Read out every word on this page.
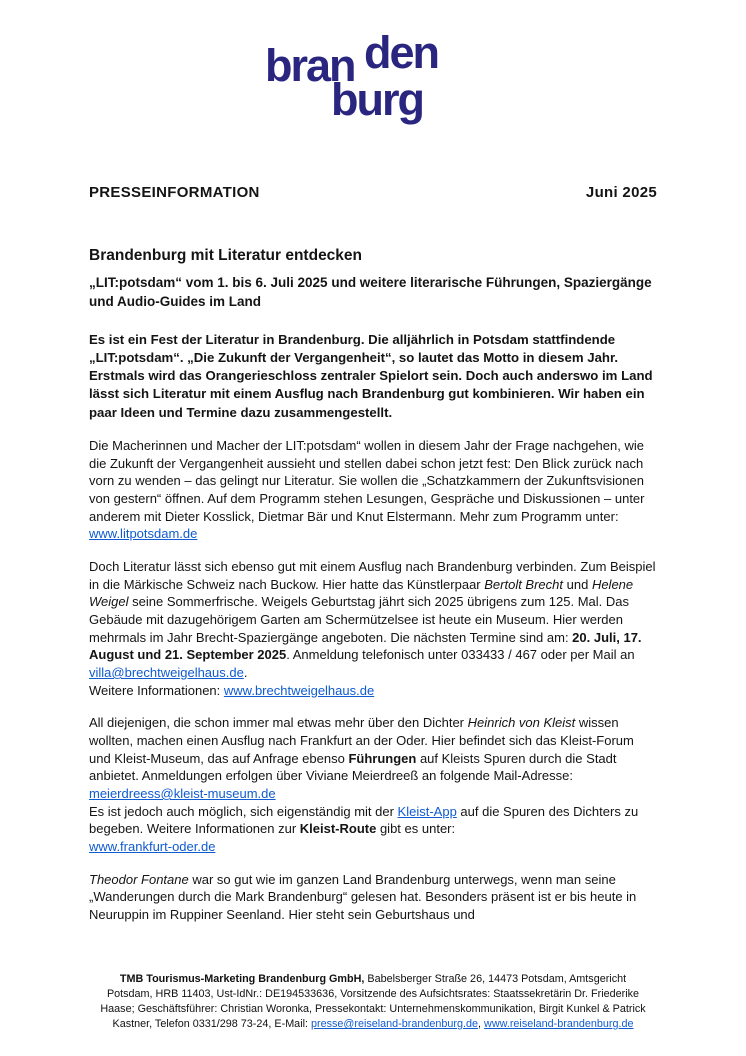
bran den
burg
PRESSEINFORMATION	Juni 2025
Brandenburg mit Literatur entdecken
„LIT:potsdam“ vom 1. bis 6. Juli 2025 und weitere literarische Führungen, Spaziergänge und Audio-Guides im Land

Es ist ein Fest der Literatur in Brandenburg. Die alljährlich in Potsdam stattfindende „LIT:potsdam“. „Die Zukunft der Vergangenheit“, so lautet das Motto in diesem Jahr. Erstmals wird das Orangerieschloss zentraler Spielort sein. Doch auch anderswo im Land lässt sich Literatur mit einem Ausflug nach Brandenburg gut kombinieren. Wir haben ein paar Ideen und Termine dazu zusammengestellt.

Die Macherinnen und Macher der LIT:potsdam“ wollen in diesem Jahr der Frage nachgehen, wie die Zukunft der Vergangenheit aussieht und stellen dabei schon jetzt fest: Den Blick zurück nach vorn zu wenden – das gelingt nur Literatur. Sie wollen die „Schatzkammern der Zukunftsvisionen von gestern“ öffnen. Auf dem Programm stehen Lesungen, Gespräche und Diskussionen – unter anderem mit Dieter Kosslick, Dietmar Bär und Knut Elstermann. Mehr zum Programm unter: www.litpotsdam.de

Doch Literatur lässt sich ebenso gut mit einem Ausflug nach Brandenburg verbinden. Zum Beispiel in die Märkische Schweiz nach Buckow. Hier hatte das Künstlerpaar Bertolt Brecht und Helene Weigel seine Sommerfrische. Weigels Geburtstag jährt sich 2025 übrigens zum 125. Mal. Das Gebäude mit dazugehörigem Garten am Schermützelsee ist heute ein Museum. Hier werden mehrmals im Jahr Brecht-Spaziergänge angeboten. Die nächsten Termine sind am: 20. Juli, 17. August und 21. September 2025. Anmeldung telefonisch unter 033433 / 467 oder per Mail an villa@brechtweigelhaus.de.
Weitere Informationen: www.brechtweigelhaus.de

All diejenigen, die schon immer mal etwas mehr über den Dichter Heinrich von Kleist wissen wollten, machen einen Ausflug nach Frankfurt an der Oder. Hier befindet sich das Kleist-Forum und Kleist-Museum, das auf Anfrage ebenso Führungen auf Kleists Spuren durch die Stadt anbietet. Anmeldungen erfolgen über Viviane Meierdreeß an folgende Mail-Adresse: meierdreess@kleist-museum.de
Es ist jedoch auch möglich, sich eigenständig mit der Kleist-App auf die Spuren des Dichters zu begeben. Weitere Informationen zur Kleist-Route gibt es unter:
www.frankfurt-oder.de

Theodor Fontane war so gut wie im ganzen Land Brandenburg unterwegs, wenn man seine „Wanderungen durch die Mark Brandenburg“ gelesen hat. Besonders präsent ist er bis heute in Neuruppin im Ruppiner Seenland. Hier steht sein Geburtshaus und

TMB Tourismus-Marketing Brandenburg GmbH, Babelsberger Straße 26, 14473 Potsdam, Amtsgericht Potsdam, HRB 11403, Ust-IdNr.: DE194533636, Vorsitzende des Aufsichtsrates: Staatssekretärin Dr. Friederike Haase; Geschäftsführer: Christian Woronka, Pressekontakt: Unternehmenskommunikation, Birgit Kunkel & Patrick Kastner, Telefon 0331/298 73-24, E-Mail: presse@reiseland-brandenburg.de, www.reiseland-brandenburg.de
